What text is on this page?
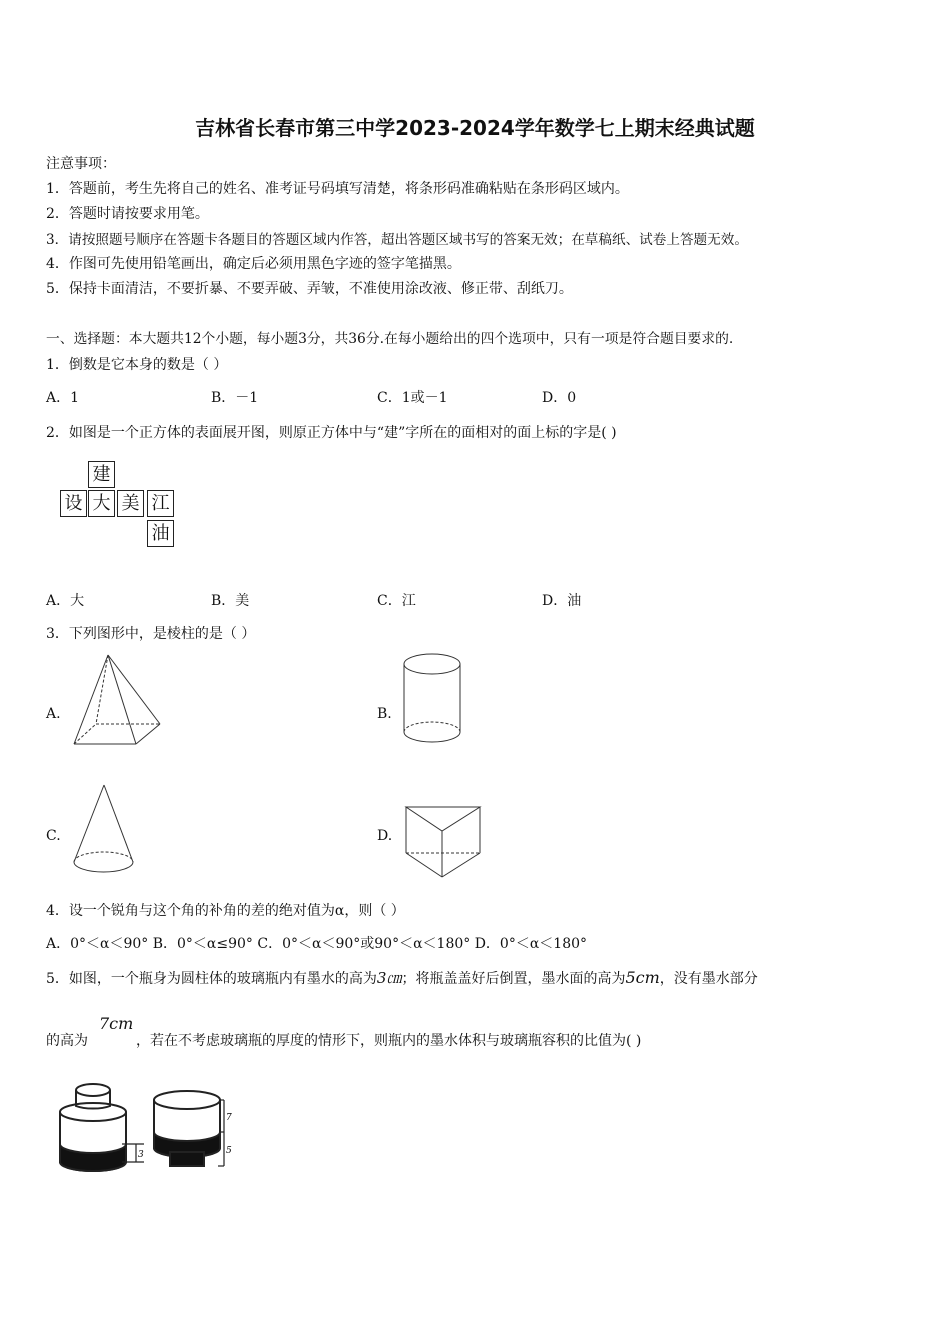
吉林省长春市第三中学2023-2024学年数学七上期末经典试题
注意事项：
1．答题前，考生先将自己的姓名、准考证号码填写清楚，将条形码准确粘贴在条形码区域内。
2．答题时请按要求用笔。
3．请按照题号顺序在答题卡各题目的答题区域内作答，超出答题区域书写的答案无效；在草稿纸、试卷上答题无效。
4．作图可先使用铅笔画出，确定后必须用黑色字迹的签字笔描黑。
5．保持卡面清洁，不要折暴、不要弄破、弄皱，不准使用涂改液、修正带、刮纸刀。
一、选择题：本大题共12个小题，每小题3分，共36分.在每小题给出的四个选项中，只有一项是符合题目要求的.
1．倒数是它本身的数是（ ）
A．1	B．－1	C．1或－1	D．0
2．如图是一个正方体的表面展开图，则原正方体中与“建”字所在的面相对的面上标的字是( )
建
设 大 美 江
油
A．大	B．美	C．江	D．油
3．下列图形中，是棱柱的是（ ）
A.	B.
C.	D.
4．设一个锐角与这个角的补角的差的绝对值为α，则（ ）
A．0°＜α＜90° B．0°＜α≤90° C．0°＜α＜90°或90°＜α＜180° D．0°＜α＜180°
5．如图，一个瓶身为圆柱体的玻璃瓶内有墨水的高为3㎝；将瓶盖盖好后倒置，墨水面的高为5cm，没有墨水部分
7cm
的高为	，若在不考虑玻璃瓶的厚度的情形下，则瓶内的墨水体积与玻璃瓶容积的比值为( )
3
7
5
